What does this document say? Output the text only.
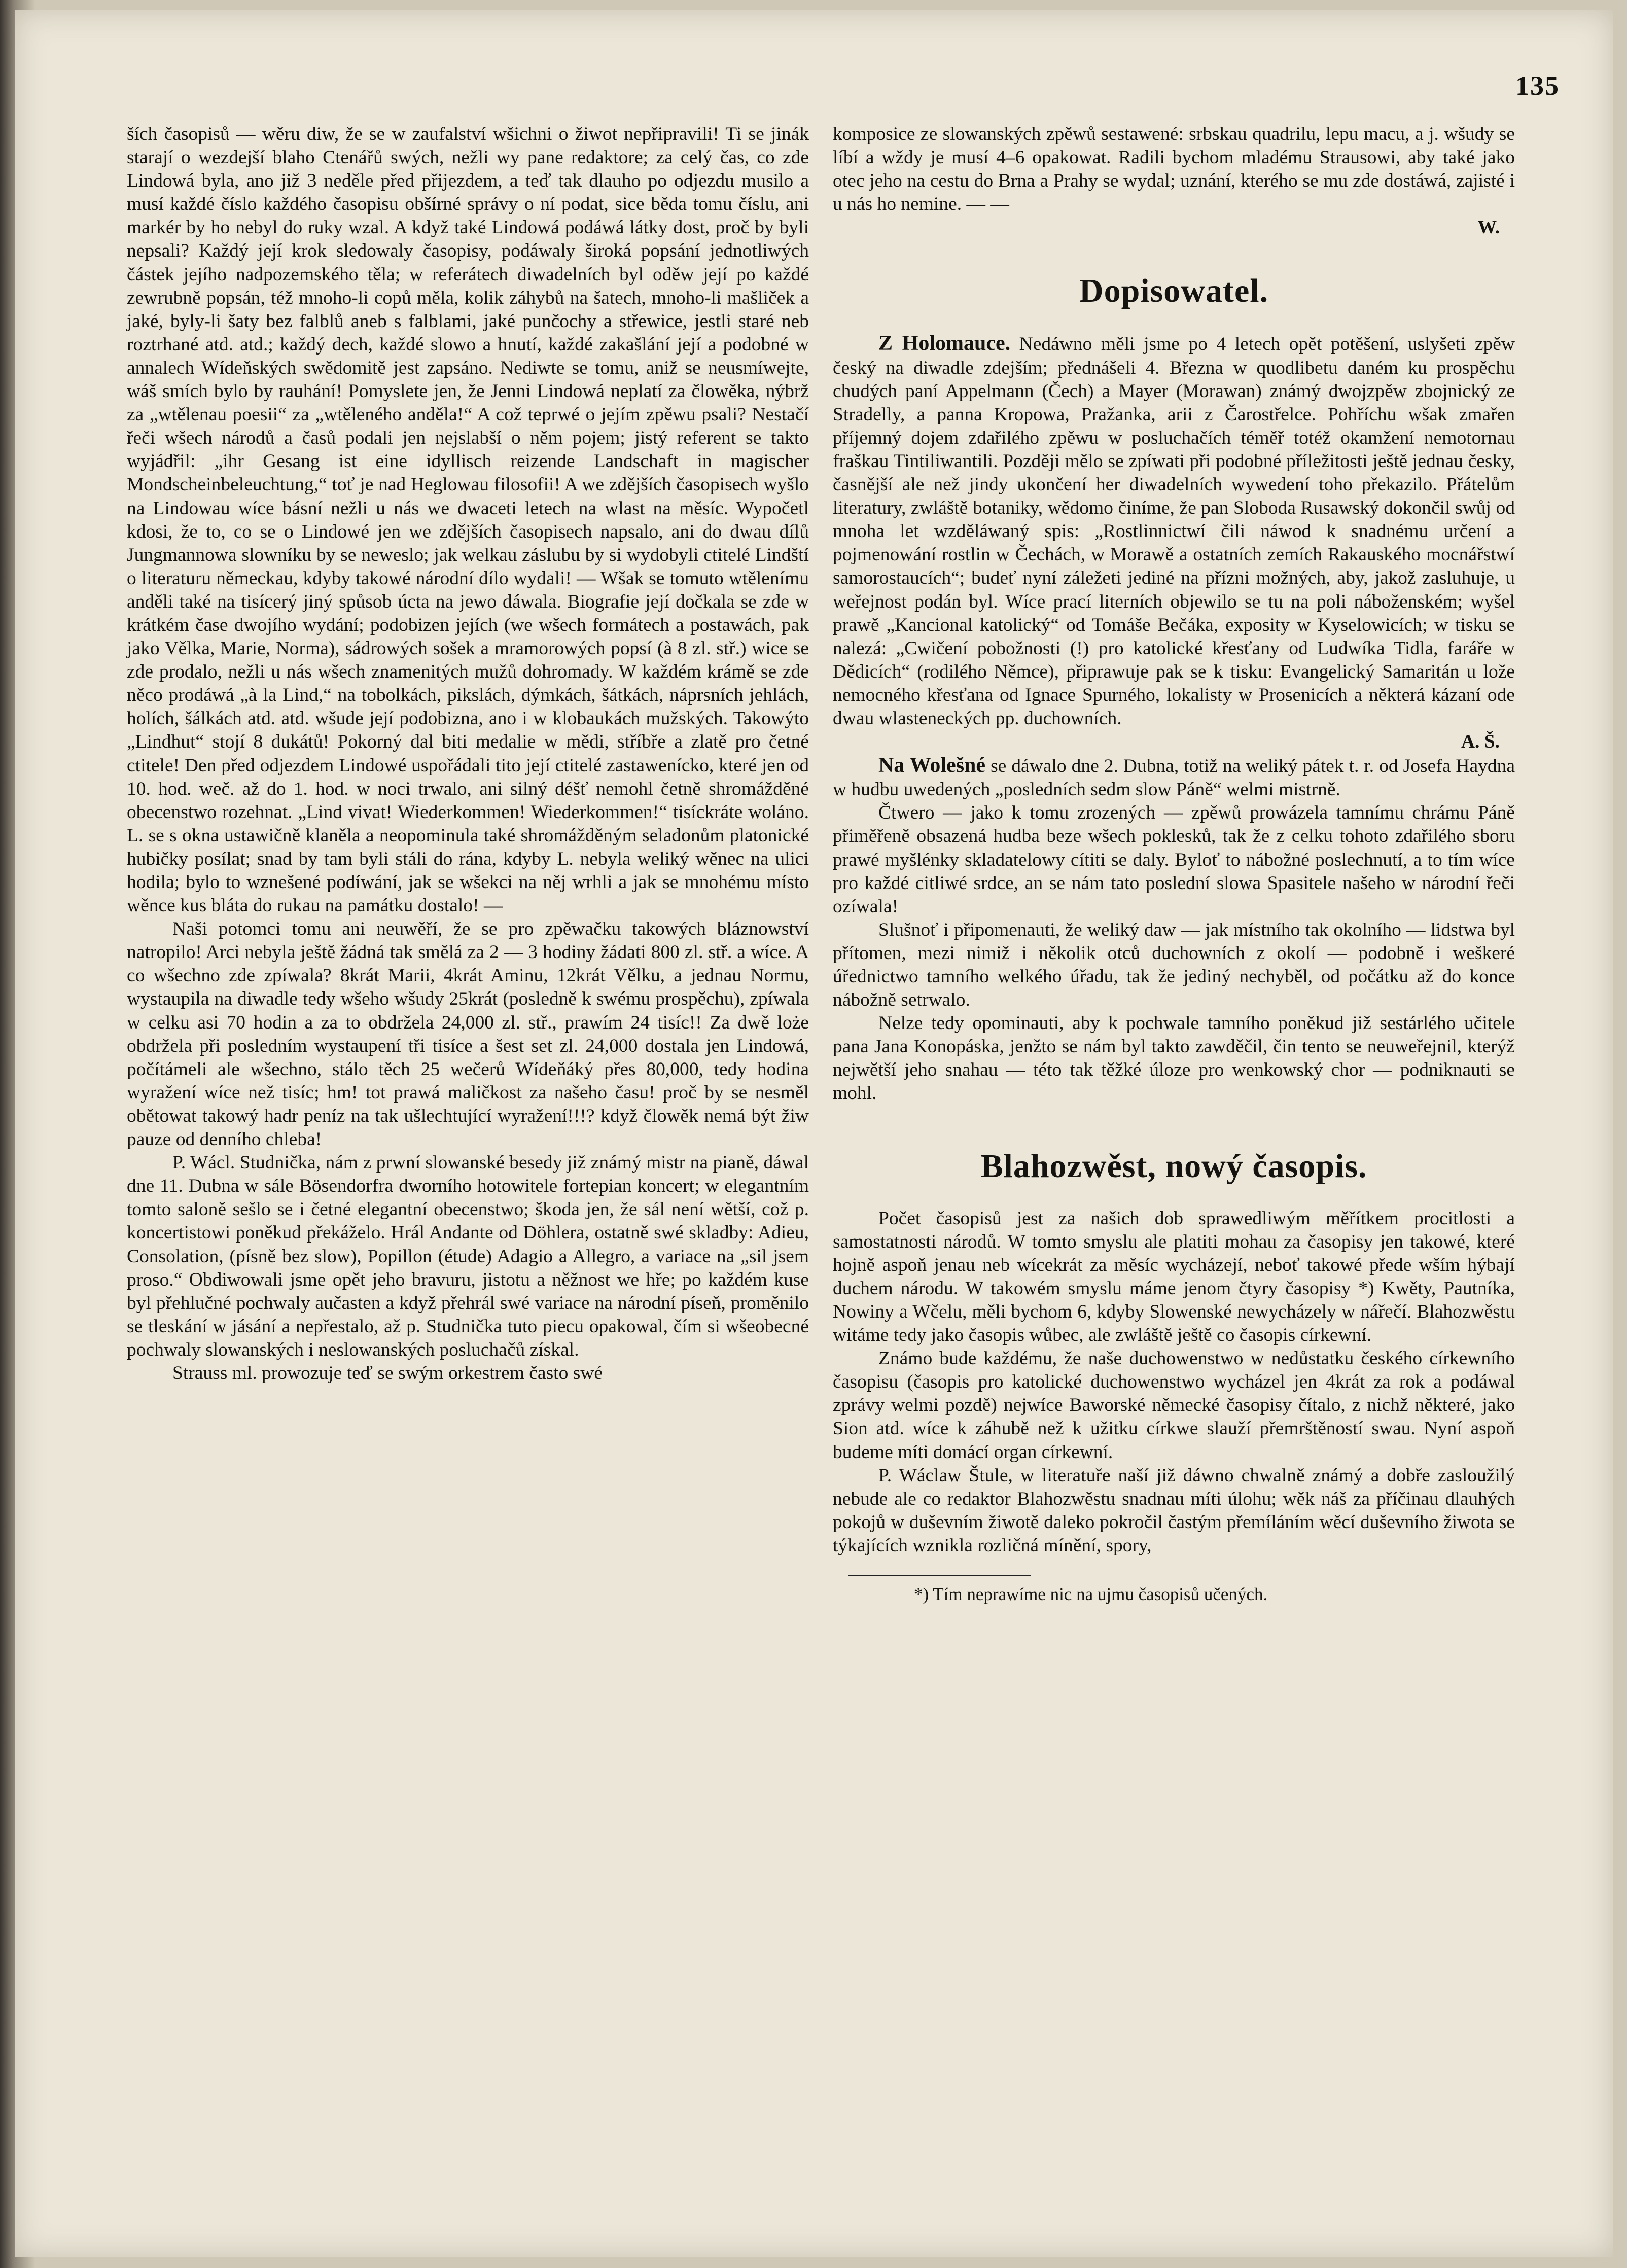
135

ších časopisů — wěru diw, že se w zaufalství wšichni o žiwot nepřipravili! Ti se jinák starají o wezdejší blaho Ctenářů swých, nežli wy pane redaktore; za celý čas, co zde Lindowá byla, ano již 3 neděle před přijezdem, a teď tak dlauho po odjezdu musilo a musí každé číslo každého časopisu obšírné správy o ní podat, sice běda tomu číslu, ani markér by ho nebyl do ruky wzal. A když také Lindowá podáwá látky dost, proč by byli nepsali? Každý její krok sledowaly časopisy, podáwaly široká popsání jednotliwých částek jejího nadpozemského těla; w referátech diwadelních byl oděw její po každé zewrubně popsán, též mnoho-li copů měla, kolik záhybů na šatech, mnoho-li mašliček a jaké, byly-li šaty bez falblů aneb s falblami, jaké punčochy a střewice, jestli staré neb roztrhané atd. atd.; každý dech, každé slowo a hnutí, každé zakašlání její a podobné w annalech Wídeňských swědomitě jest zapsáno. Nediwte se tomu, aniž se neusmíwejte, wáš smích bylo by rauhání! Pomyslete jen, že Jenni Lindowá neplatí za člowěka, nýbrž za „wtělenau poesii“ za „wtěleného anděla!“ A což teprwé o jejím zpěwu psali? Nestačí řeči wšech národů a časů podali jen nejslabší o něm pojem; jistý referent se takto wyjádřil: „ihr Gesang ist eine idyllisch reizende Landschaft in magischer Mondscheinbeleuchtung,“ toť je nad Heglowau filosofii! A we zdějších časopisech wyšlo na Lindowau wíce básní nežli u nás we dwaceti letech na wlast na měsíc. Wypočetl kdosi, že to, co se o Lindowé jen we zdějších časopisech napsalo, ani do dwau dílů Jungmannowa slowníku by se neweslo; jak welkau záslubu by si wydobyli ctitelé Lindští o literaturu německau, kdyby takowé národní dílo wydali! — Wšak se tomuto wtělenímu anděli také na tisícerý jiný spůsob úcta na jewo dáwala. Biografie její dočkala se zde w krátkém čase dwojího wydání; podobizen jejích (we wšech formátech a postawách, pak jako Vělka, Marie, Norma), sádrowých sošek a mramorowých popsí (à 8 zl. stř.) wice se zde prodalo, nežli u nás wšech znamenitých mužů dohromady. W každém krámě se zde něco prodáwá „à la Lind,“ na tobolkách, pikslách, dýmkách, šátkách, náprsních jehlách, holích, šálkách atd. atd. wšude její podobizna, ano i w klobaukách mužských. Takowýto „Lindhut“ stojí 8 dukátů! Pokorný dal biti medalie w mědi, stříbře a zlatě pro četné ctitele! Den před odjezdem Lindowé uspořádali tito její ctitelé zastawenícko, které jen od 10. hod. weč. až do 1. hod. w noci trwalo, ani silný déšť nemohl četně shromážděné obecenstwo rozehnat. „Lind vivat! Wiederkommen! Wiederkommen!“ tisíckráte woláno. L. se s okna ustawičně klaněla a neopominula také shromážděným seladonům platonické hubičky posílat; snad by tam byli stáli do rána, kdyby L. nebyla weliký wěnec na ulici hodila; bylo to wznešené podíwání, jak se wšekci na něj wrhli a jak se mnohému místo wěnce kus bláta do rukau na památku dostalo! —

Naši potomci tomu ani neuwěří, že se pro zpěwačku takowých bláznowství natropilo! Arci nebyla ještě žádná tak smělá za 2 — 3 hodiny žádati 800 zl. stř. a wíce. A co wšechno zde zpíwala? 8krát Marii, 4krát Aminu, 12krát Vělku, a jednau Normu, wystaupila na diwadle tedy wšeho wšudy 25krát (posledně k swému prospěchu), zpíwala w celku asi 70 hodin a za to obdržela 24,000 zl. stř., prawím 24 tisíc!! Za dwě loże obdržela při posledním wystaupení tři tisíce a šest set zl. 24,000 dostala jen Lindowá, počítámeli ale wšechno, stálo těch 25 wečerů Wídeňáký přes 80,000, tedy hodina wyražení wíce než tisíc; hm! tot prawá maličkost za našeho času! proč by se nesměl obětowat takowý hadr peníz na tak ušlechtující wyražení!!!? když člowěk nemá být žiw pauze od denního chleba!

P. Wácl. Studnička, nám z prwní slowanské besedy již známý mistr na pianě, dáwal dne 11. Dubna w sále Bösendorfra dworního hotowitele fortepian koncert; w elegantním tomto saloně sešlo se i četné elegantní obecenstwo; škoda jen, že sál není wětší, což p. koncertistowi poněkud překáželo. Hrál Andante od Döhlera, ostatně swé skladby: Adieu, Consolation, (písně bez slow), Popillon (étude) Adagio a Allegro, a variace na „sil jsem proso.“ Obdiwowali jsme opět jeho bravuru, jistotu a něžnost we hře; po každém kuse byl přehlučné pochwaly aučasten a když přehrál swé variace na národní píseň, proměnilo se tleskání w jásání a nepřestalo, až p. Studnička tuto piecu opakowal, čím si wšeobecné pochwaly slowanských i neslowanských posluchačů získal.

Strauss ml. prowozuje teď se swým orkestrem často swé

komposice ze slowanských zpěwů sestawené: srbskau quadrilu, lepu macu, a j. wšudy se líbí a wždy je musí 4–6 opakowat. Radili bychom mladému Strausowi, aby také jako otec jeho na cestu do Brna a Prahy se wydal; uznání, kterého se mu zde dostáwá, zajisté i u nás ho nemine. — —

W.

Dopisowatel.

Z Holomauce. Nedáwno měli jsme po 4 letech opět potěšení, uslyšeti zpěw český na diwadle zdejším; přednášeli 4. Března w quodlibetu daném ku prospěchu chudých paní Appelmann (Čech) a Mayer (Morawan) známý dwojzpěw zbojnický ze Stradelly, a panna Kropowa, Pražanka, arii z Čarostřelce. Pohříchu wšak zmařen příjemný dojem zdařilého zpěwu w posluchačích téměř totéž okamžení nemotornau fraškau Tintiliwantili. Později mělo se zpíwati při podobné příležitosti ještě jednau česky, časnější ale než jindy ukončení her diwadelních wywedení toho překazilo. Přátelům literatury, zwláště botaniky, wědomo činíme, že pan Sloboda Rusawský dokončil swůj od mnoha let wzděláwaný spis: „Rostlinnictwí čili náwod k snadnému určení a pojmenowání rostlin w Čechách, w Morawě a ostatních zemích Rakauského mocnářstwí samorostaucích“; budeť nyní záležeti jediné na přízni možných, aby, jakož zasluhuje, u weřejnost podán byl. Wíce prací literních objewilo se tu na poli náboženském; wyšel prawě „Kancional katolický“ od Tomáše Bečáka, exposity w Kyselowicích; w tisku se nalezá: „Cwičení pobožnosti (!) pro katolické křesťany od Ludwíka Tidla, faráře w Dědicích“ (rodilého Němce), připrawuje pak se k tisku: Evangelický Samaritán u lože nemocného křesťana od Ignace Spurného, lokalisty w Prosenicích a některá kázaní ode dwau wlasteneckých pp. duchowních.

A. Š.

Na Wolešné se dáwalo dne 2. Dubna, totiž na weliký pátek t. r. od Josefa Haydna w hudbu uwedených „posledních sedm slow Páně“ welmi mistrně.

Čtwero — jako k tomu zrozených — zpěwů prowázela tamnímu chrámu Páně přiměřeně obsazená hudba beze wšech poklesků, tak že z celku tohoto zdařilého sboru prawé myšlénky skladatelowy cítiti se daly. Byloť to nábožné poslechnutí, a to tím wíce pro každé citliwé srdce, an se nám tato poslední slowa Spasitele našeho w národní řeči ozíwala!

Slušnoť i připomenauti, že weliký daw — jak místního tak okolního — lidstwa byl přítomen, mezi nimiž i několik otců duchowních z okolí — podobně i weškeré úřednictwo tamního welkého úřadu, tak že jediný nechyběl, od počátku až do konce nábožně setrwalo.

Nelze tedy opominauti, aby k pochwale tamního poněkud již sestárlého učitele pana Jana Konopáska, jenžto se nám byl takto zawděčil, čin tento se neuweřejnil, kterýž nejwětší jeho snahau — této tak těžké úloze pro wenkowský chor — podniknauti se mohl.

Blahozwěst, nowý časopis.

Počet časopisů jest za našich dob sprawedliwým měřítkem procitlosti a samostatnosti národů. W tomto smyslu ale platiti mohau za časopisy jen takowé, které hojně aspoň jenau neb wícekrát za měsíc wycházejí, neboť takowé přede wším hýbají duchem národu. W takowém smyslu máme jenom čtyry časopisy *) Kwěty, Pautníka, Nowiny a Wčelu, měli bychom 6, kdyby Slowenské newycházely w nářečí. Blahozwěstu witáme tedy jako časopis wůbec, ale zwláště ještě co časopis církewní.

Známo bude každému, že naše duchowenstwo w nedůstatku českého církewního časopisu (časopis pro katolické duchowenstwo wycházel jen 4krát za rok a podáwal zprávy welmi pozdě) nejwíce Baworské německé časopisy čítalo, z nichž některé, jako Sion atd. wíce k záhubě než k užitku církwe slauží přemrštěností swau. Nyní aspoň budeme míti domácí organ církewní.

P. Wáclaw Štule, w literatuře naší již dáwno chwalně známý a dobře zasloužilý nebude ale co redaktor Blahozwěstu snadnau míti úlohu; wěk náš za příčinau dlauhých pokojů w duševním žiwotě daleko pokročil častým přemíláním wěcí duševního žiwota se týkajících wznikla rozličná mínění, spory,

*) Tím neprawíme nic na ujmu časopisů učených.
